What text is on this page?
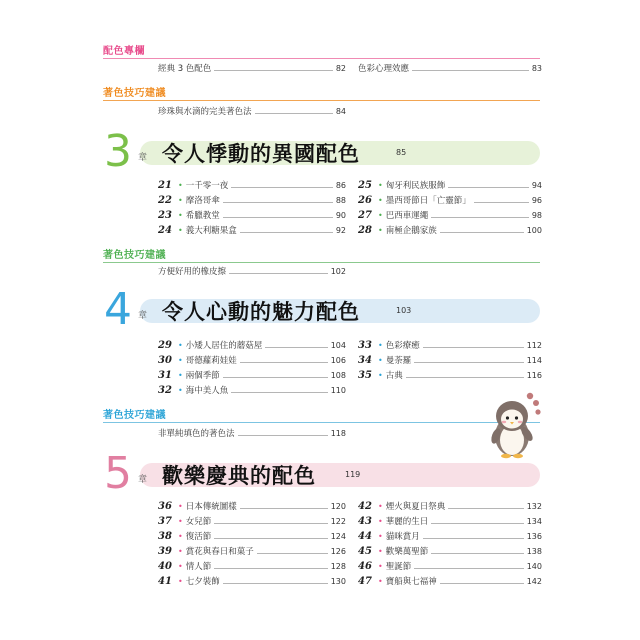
配色專欄
經典 3 色配色	82 色彩心理效應	83
著色技巧建議
珍珠與水滴的完美著色法	84
3 章 令人悸動的異國配色	85
21 • 一千零一夜	86
22 • 摩洛哥傘	88
23 • 希臘教堂	90
24 • 義大利糖果盒	92
25 • 匈牙利民族服飾	94
26 • 墨西哥節日「亡靈節」	96
27 • 巴西車運繩	98
28 • 南極企鵝家族	100
著色技巧建議
方便好用的橡皮擦	102
4 章 令人心動的魅力配色	103
29 • 小矮人居住的蘑菇屋	104
30 • 哥德蘿莉娃娃	106
31 • 兩個季節	108
32 • 海中美人魚	110
33 • 色彩療癒	112
34 • 曼荼羅	114
35 • 古典	116
著色技巧建議
非單純填色的著色法	118
5 章 歡樂慶典的配色	119
36 • 日本傳統圖樣	120
37 • 女兒節	122
38 • 復活節	124
39 • 賞花與春日和菓子	126
40 • 情人節	128
41 • 七夕裝飾	130
42 • 煙火與夏日祭典	132
43 • 華麗的生日	134
44 • 貓咪賞月	136
45 • 歡樂萬聖節	138
46 • 聖誕節	140
47 • 寶船與七福神	142
